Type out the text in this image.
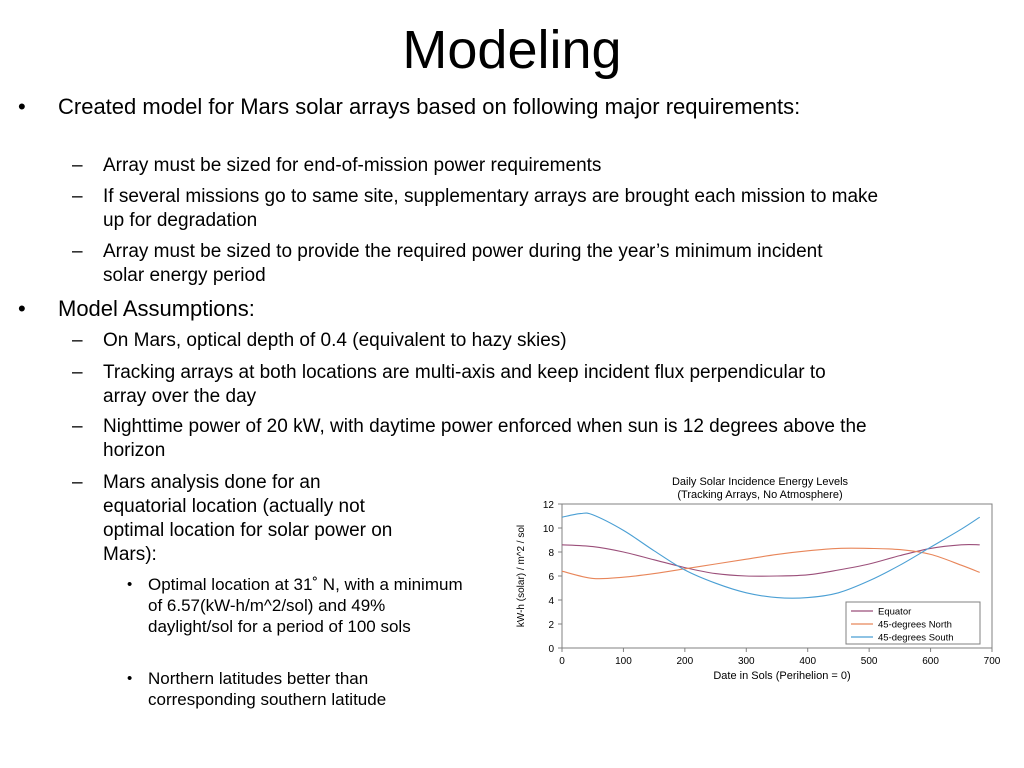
Modeling
• Created model for Mars solar arrays based on following major requirements:
– Array must be sized for end-of-mission power requirements
– If several missions go to same site, supplementary arrays are brought each mission to make up for degradation
– Array must be sized to provide the required power during the year’s minimum incident solar energy period
• Model Assumptions:
– On Mars, optical depth of 0.4 (equivalent to hazy skies)
– Tracking arrays at both locations are multi-axis and keep incident flux perpendicular to array over the day
– Nighttime power of 20 kW, with daytime power enforced when sun is 12 degrees above the horizon
– Mars analysis done for an equatorial location (actually not optimal location for solar power on Mars):
• Optimal location at 31˚ N, with a minimum of 6.57(kW-h/m^2/sol) and 49% daylight/sol for a period of 100 sols
• Northern latitudes better than corresponding southern latitude
Daily Solar Incidence Energy Levels
(Tracking Arrays, No Atmosphere)
kW-h (solar) / m^2 / sol
Date in Sols (Perihelion = 0)
0
2
4
6
8
10
12
0	100	200	300	400	500	600	700
Equator
45-degrees North
45-degrees South
